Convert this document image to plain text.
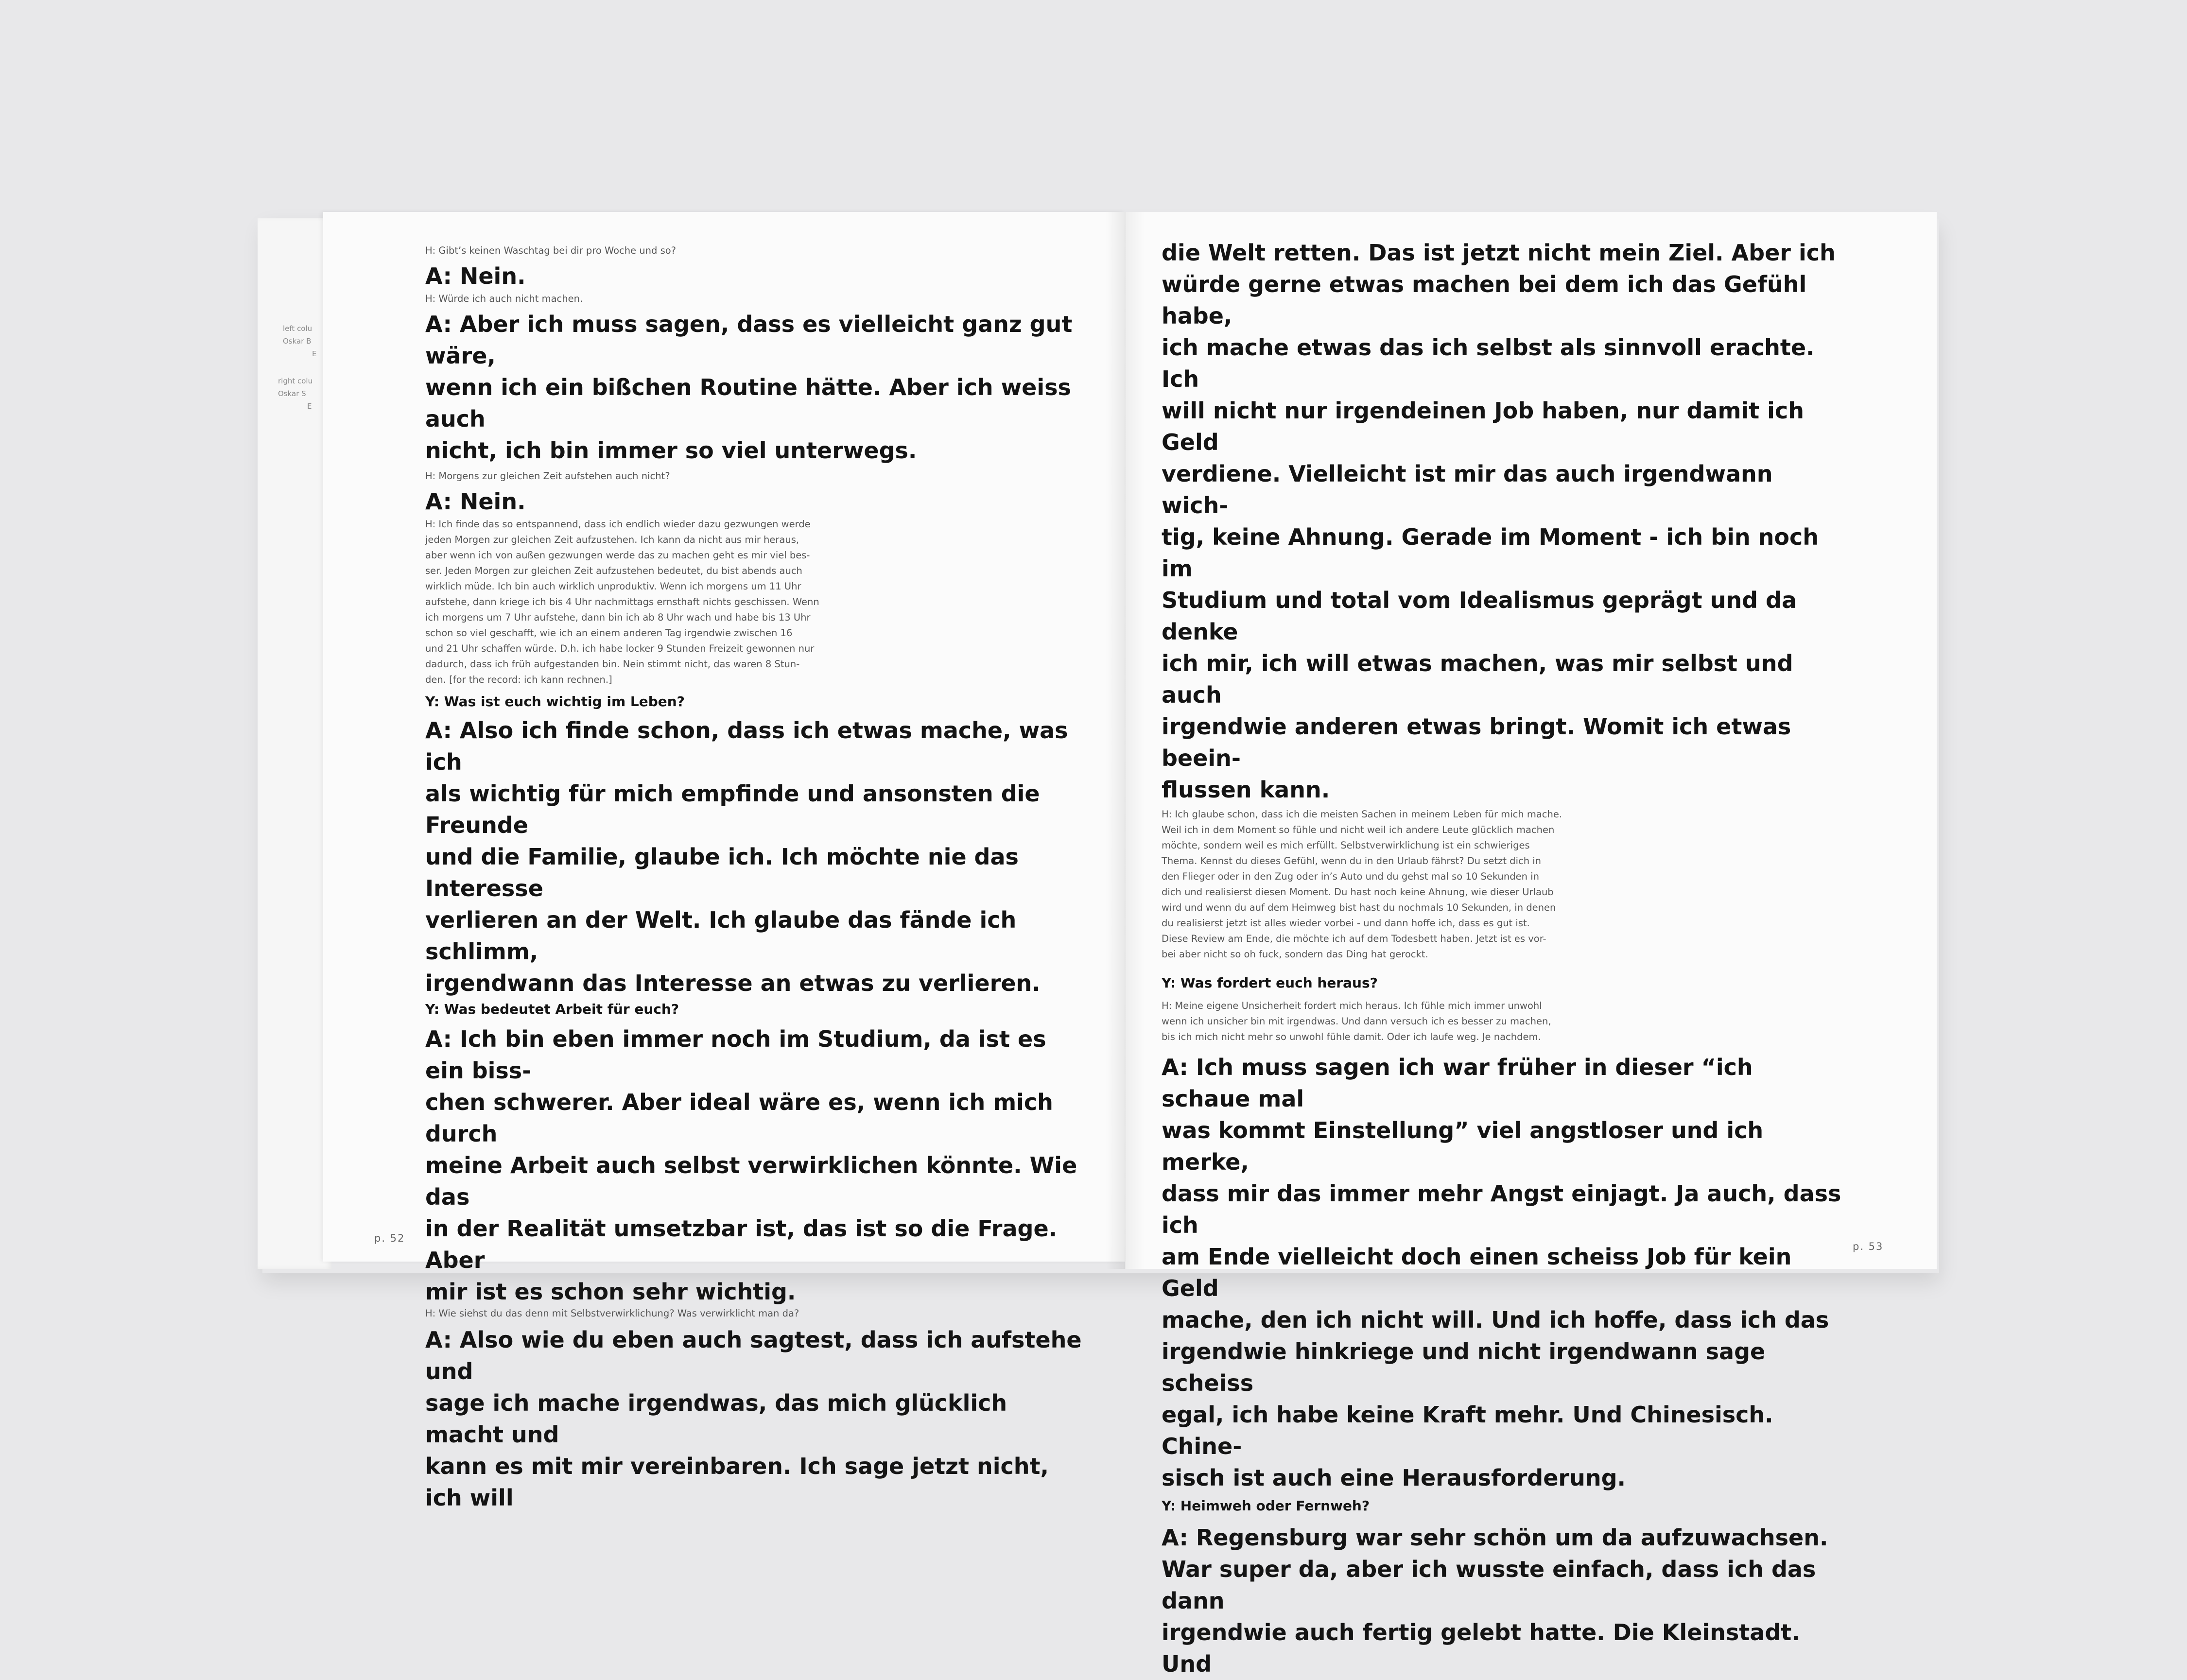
left colu
Oskar B
E
right colu
Oskar S
E

H: Gibt’s keinen Waschtag bei dir pro Woche und so?

A: Nein.

H: Würde ich auch nicht machen.

A: Aber ich muss sagen, dass es vielleicht ganz gut wäre,

wenn ich ein bißchen Routine hätte. Aber ich weiss auch

nicht, ich bin immer so viel unterwegs.

H: Morgens zur gleichen Zeit aufstehen auch nicht?

A: Nein.

H: Ich finde das so entspannend, dass ich endlich wieder dazu gezwungen werde

jeden Morgen zur gleichen Zeit aufzustehen. Ich kann da nicht aus mir heraus,

aber wenn ich von außen gezwungen werde das zu machen geht es mir viel bes-

ser. Jeden Morgen zur gleichen Zeit aufzustehen bedeutet, du bist abends auch

wirklich müde. Ich bin auch wirklich unproduktiv. Wenn ich morgens um 11 Uhr

aufstehe, dann kriege ich bis 4 Uhr nachmittags ernsthaft nichts geschissen. Wenn

ich morgens um 7 Uhr aufstehe, dann bin ich ab 8 Uhr wach und habe bis 13 Uhr

schon so viel geschafft, wie ich an einem anderen Tag irgendwie zwischen 16

und 21 Uhr schaffen würde. D.h. ich habe locker 9 Stunden Freizeit gewonnen nur

dadurch, dass ich früh aufgestanden bin. Nein stimmt nicht, das waren 8 Stun-

den. [for the record: ich kann rechnen.]

Y: Was ist euch wichtig im Leben?

A: Also ich finde schon, dass ich etwas mache, was ich

als wichtig für mich empfinde und ansonsten die Freunde

und die Familie, glaube ich. Ich möchte nie das Interesse

verlieren an der Welt. Ich glaube das fände ich schlimm,

irgendwann das Interesse an etwas zu verlieren.

Y: Was bedeutet Arbeit für euch?

A: Ich bin eben immer noch im Studium, da ist es ein biss-

chen schwerer. Aber ideal wäre es, wenn ich mich durch

meine Arbeit auch selbst verwirklichen könnte. Wie das

in der Realität umsetzbar ist, das ist so die Frage. Aber

mir ist es schon sehr wichtig.

H: Wie siehst du das denn mit Selbstverwirklichung? Was verwirklicht man da?

A: Also wie du eben auch sagtest, dass ich aufstehe und

sage ich mache irgendwas, das mich glücklich macht und

kann es mit mir vereinbaren. Ich sage jetzt nicht, ich will

p. 52

die Welt retten. Das ist jetzt nicht mein Ziel. Aber ich

würde gerne etwas machen bei dem ich das Gefühl habe,

ich mache etwas das ich selbst als sinnvoll erachte. Ich

will nicht nur irgendeinen Job haben, nur damit ich Geld

verdiene. Vielleicht ist mir das auch irgendwann wich-

tig, keine Ahnung. Gerade im Moment - ich bin noch im

Studium und total vom Idealismus geprägt und da denke

ich mir, ich will etwas machen, was mir selbst und auch

irgendwie anderen etwas bringt. Womit ich etwas beein-

flussen kann.

H: Ich glaube schon, dass ich die meisten Sachen in meinem Leben für mich mache.

Weil ich in dem Moment so fühle und nicht weil ich andere Leute glücklich machen

möchte, sondern weil es mich erfüllt. Selbstverwirklichung ist ein schwieriges

Thema. Kennst du dieses Gefühl, wenn du in den Urlaub fährst? Du setzt dich in

den Flieger oder in den Zug oder in’s Auto und du gehst mal so 10 Sekunden in

dich und realisierst diesen Moment. Du hast noch keine Ahnung, wie dieser Urlaub

wird und wenn du auf dem Heimweg bist hast du nochmals 10 Sekunden, in denen

du realisierst jetzt ist alles wieder vorbei - und dann hoffe ich, dass es gut ist.

Diese Review am Ende, die möchte ich auf dem Todesbett haben. Jetzt ist es vor-

bei aber nicht so oh fuck, sondern das Ding hat gerockt.

Y: Was fordert euch heraus?

H: Meine eigene Unsicherheit fordert mich heraus. Ich fühle mich immer unwohl

wenn ich unsicher bin mit irgendwas. Und dann versuch ich es besser zu machen,

bis ich mich nicht mehr so unwohl fühle damit. Oder ich laufe weg. Je nachdem.

A: Ich muss sagen ich war früher in dieser “ich schaue mal

was kommt Einstellung” viel angstloser und ich merke,

dass mir das immer mehr Angst einjagt. Ja auch, dass ich

am Ende vielleicht doch einen scheiss Job für kein Geld

mache, den ich nicht will. Und ich hoffe, dass ich das

irgendwie hinkriege und nicht irgendwann sage scheiss

egal, ich habe keine Kraft mehr. Und Chinesisch. Chine-

sisch ist auch eine Herausforderung.

Y: Heimweh oder Fernweh?

A: Regensburg war sehr schön um da aufzuwachsen.

War super da, aber ich wusste einfach, dass ich das dann

irgendwie auch fertig gelebt hatte. Die Kleinstadt. Und

p. 53
